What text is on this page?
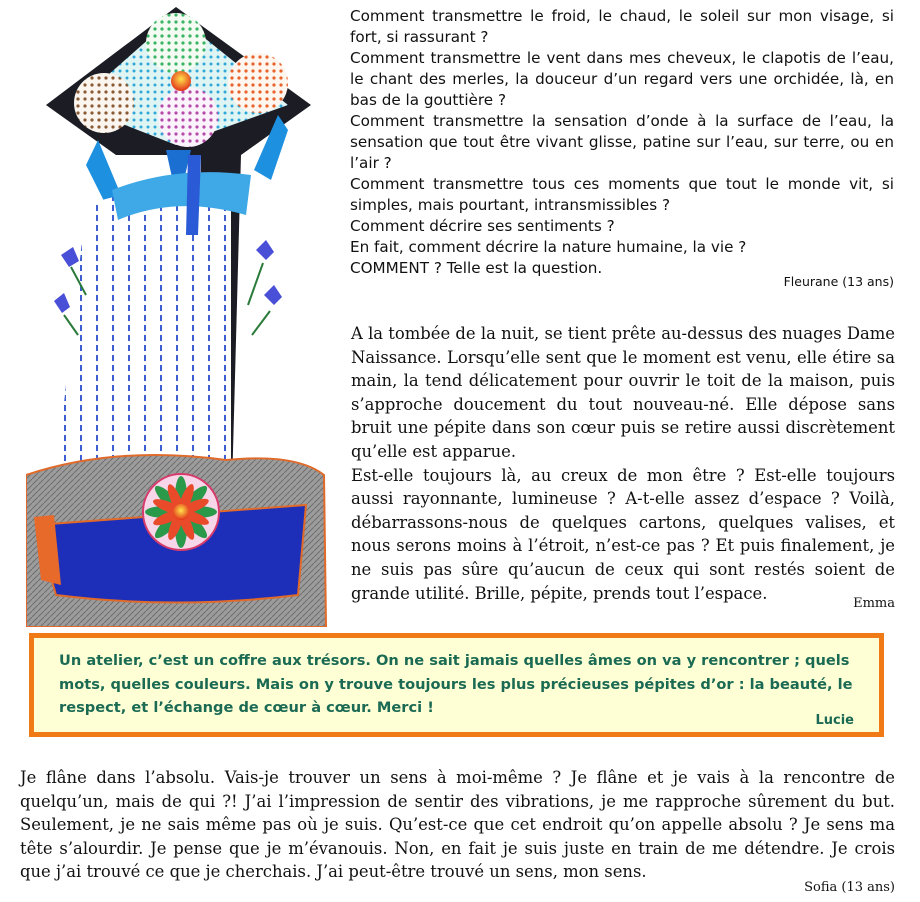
Comment transmettre le froid, le chaud, le soleil sur mon visage, si fort, si rassurant ?

Comment transmettre le vent dans mes cheveux, le clapotis de l’eau, le chant des merles, la douceur d’un regard vers une orchidée, là, en bas de la gouttière ?

Comment transmettre la sensation d’onde à la surface de l’eau, la sensation que tout être vivant glisse, patine sur l’eau, sur terre, ou en l’air ?

Comment transmettre tous ces moments que tout le monde vit, si simples, mais pourtant, intransmissibles ?

Comment décrire ses sentiments ?

En fait, comment décrire la nature humaine, la vie ?

COMMENT ? Telle est la question.

Fleurane (13 ans)

A la tombée de la nuit, se tient prête au-dessus des nuages Dame Naissance. Lorsqu’elle sent que le moment est venu, elle étire sa main, la tend délicatement pour ouvrir le toit de la maison, puis s’approche doucement du tout nouveau-né. Elle dépose sans bruit une pépite dans son cœur puis se retire aussi discrètement qu’elle est apparue.

Est-elle toujours là, au creux de mon être ? Est-elle toujours aussi rayonnante, lumineuse ? A-t-elle assez d’espace ? Voilà, débarrassons-nous de quelques cartons, quelques valises, et nous serons moins à l’étroit, n’est-ce pas ? Et puis finalement, je ne suis pas sûre qu’aucun de ceux qui sont restés soient de grande utilité. Brille, pépite, prends tout l’espace.

Emma
Un atelier, c’est un coffre aux trésors. On ne sait jamais quelles âmes on va y rencontrer ; quels mots, quelles couleurs. Mais on y trouve toujours les plus précieuses pépites d’or : la beauté, le respect, et l’échange de cœur à cœur. Merci !
Lucie

Je flâne dans l’absolu. Vais-je trouver un sens à moi-même ? Je flâne et je vais à la rencontre de quelqu’un, mais de qui ?! J’ai l’impression de sentir des vibrations, je me rapproche sûrement du but. Seulement, je ne sais même pas où je suis. Qu’est-ce que cet endroit qu’on appelle absolu ? Je sens ma tête s’alourdir. Je pense que je m’évanouis. Non, en fait je suis juste en train de me détendre. Je crois que j’ai trouvé ce que je cherchais. J’ai peut-être trouvé un sens, mon sens.

Sofia (13 ans)
